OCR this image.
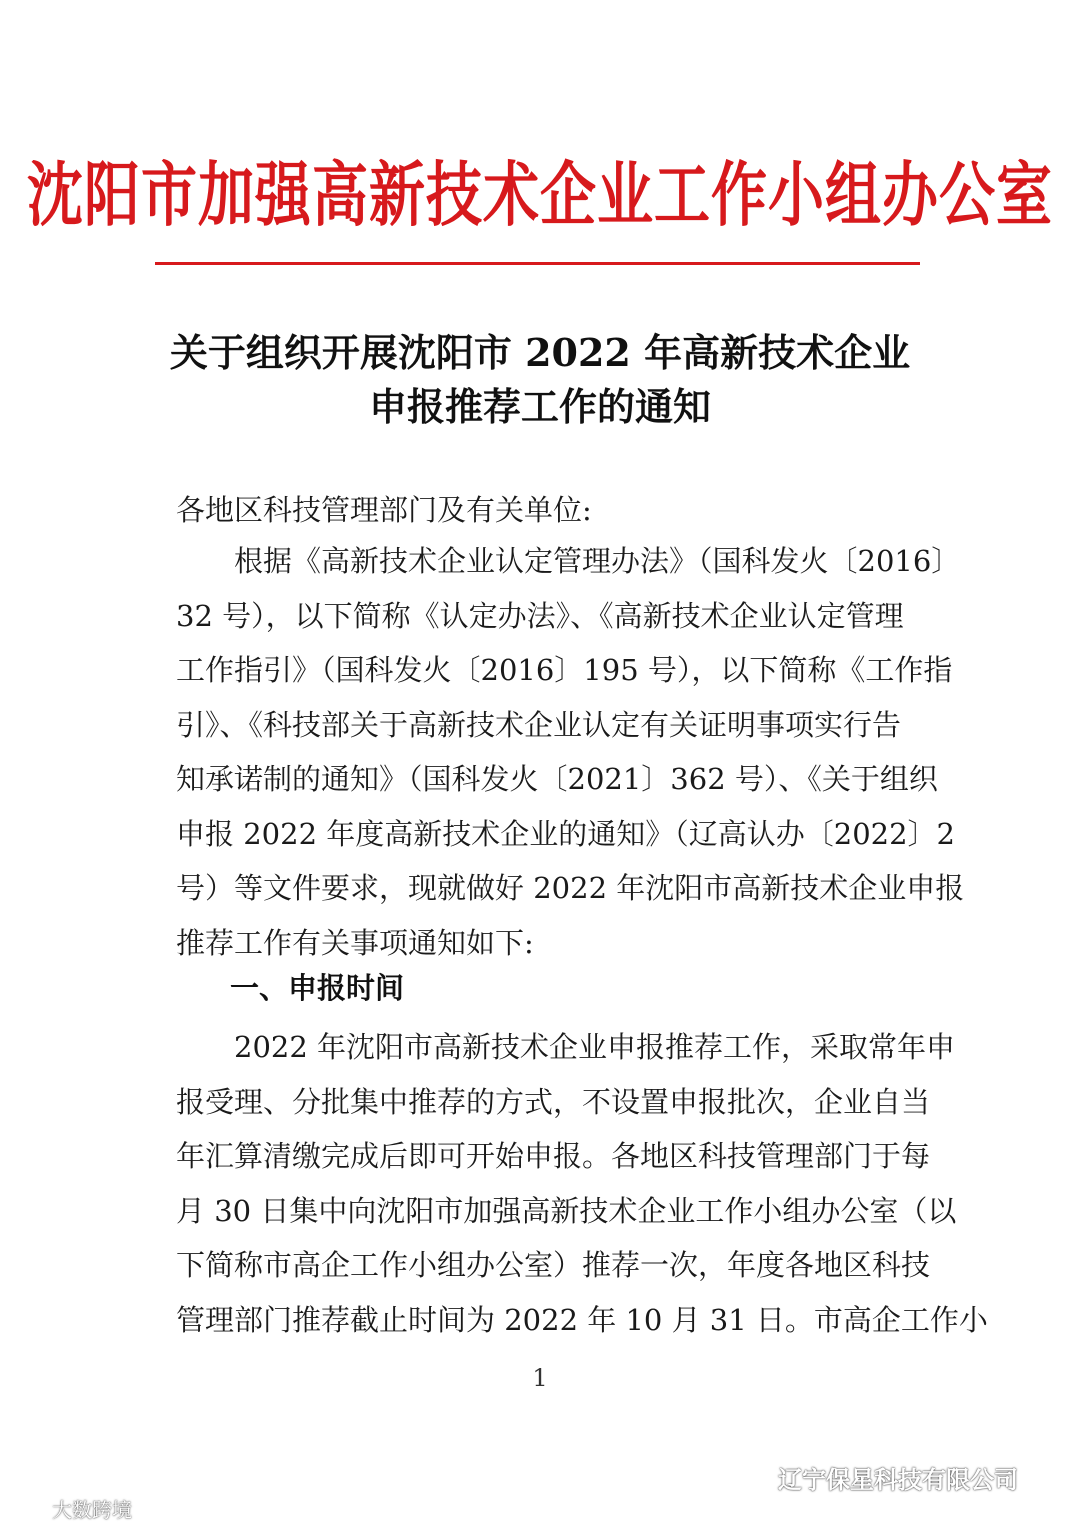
沈阳市加强高新技术企业工作小组办公室
关于组织开展沈阳市 2022 年高新技术企业
申报推荐工作的通知
各地区科技管理部门及有关单位:
根据《高新技术企业认定管理办法》（国科发火〔2016〕
32 号），以下简称《认定办法》、《高新技术企业认定管理
工作指引》（国科发火〔2016〕195 号），以下简称《工作指
引》、《科技部关于高新技术企业认定有关证明事项实行告
知承诺制的通知》（国科发火〔2021〕362 号）、《关于组织
申报 2022 年度高新技术企业的通知》（辽高认办〔2022〕2
号）等文件要求，现就做好 2022 年沈阳市高新技术企业申报
推荐工作有关事项通知如下:
一、申报时间
2022 年沈阳市高新技术企业申报推荐工作，采取常年申
报受理、分批集中推荐的方式，不设置申报批次，企业自当
年汇算清缴完成后即可开始申报。各地区科技管理部门于每
月 30 日集中向沈阳市加强高新技术企业工作小组办公室（以
下简称市高企工作小组办公室）推荐一次，年度各地区科技
管理部门推荐截止时间为 2022 年 10 月 31 日。市高企工作小
1
大数跨境
辽宁保星科技有限公司
